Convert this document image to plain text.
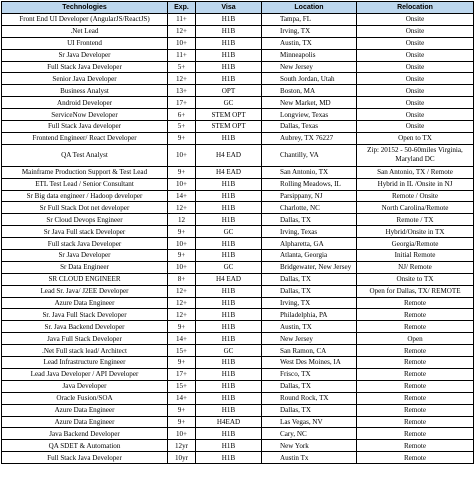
Technologies	Exp.	Visa	Location	Relocation
Front End UI Developer (AngularJS/ReactJS)	11+	H1B	Tampa, FL	Onsite
.Net Lead	12+	H1B	Irving, TX	Onsite
UI Frontend	10+	H1B	Austin, TX	Onsite
Sr Java Developer	11+	H1B	Minneapolis	Onsite
Full Stack Java Developer	5+	H1B	New Jersey	Onsite
Senior Java Developer	12+	H1B	South Jordan, Utah	Onsite
Business Analyst	13+	OPT	Boston, MA	Onsite
Android Developer	17+	GC	New Market, MD	Onsite
ServiceNow Developer	6+	STEM OPT	Longview, Texas	Onsite
Full Stack Java developer	5+	STEM OPT	Dallas, Texas	Onsite
Frontend Engineer/ React Developer	9+	H1B	Aubrey, TX 76227	Open to TX
QA Test Analyst	10+	H4 EAD	Chantilly, VA	Zip: 20152 - 50-60miles Virginia, Maryland DC
Mainframe Production Support & Test Lead	9+	H4 EAD	San Antonio, TX	San Antonio, TX / Remote
ETL Test Lead / Senior Consultant	10+	H1B	Rolling Meadows, IL	Hybrid in IL /Onsite in NJ
Sr Big data engineer / Hadoop developer	14+	H1B	Parsippany, NJ	Remote / Onsite
Sr Full Stack Dot net developer	12+	H1B	Charlotte, NC	North Carolina/Remote
Sr Cloud Devops Engineer	12	H1B	Dallas, TX	Remote / TX
Sr Java Full stack Developer	9+	GC	Irving, Texas	Hybrid/Onsite in TX
Full stack Java Developer	10+	H1B	Alpharetta, GA	Georgia/Remote
Sr Java Developer	9+	H1B	Atlanta, Georgia	Initial Remote
Sr Data Engineer	10+	GC	Bridgewater, New Jersey	NJ/ Remote
SR CLOUD ENGINEER	8+	H4 EAD	Dallas, TX	Onsite to TX
Lead Sr. Java/ J2EE Developer	12+	H1B	Dallas, TX	Open for Dallas, TX/ REMOTE
Azure Data Engineer	12+	H1B	Irving, TX	Remote
Sr. Java Full Stack Developer	12+	H1B	Philadelphia, PA	Remote
Sr. Java Backend Developer	9+	H1B	Austin, TX	Remote
Java Full Stack Developer	14+	H1B	New Jersey	Open
.Net Full stack lead/ Architect	15+	GC	San Ramon, CA	Remote
Lead Infrastructure Engineer	9+	H1B	West Des Moines, IA	Remote
Lead Java Developer / API Developer	17+	H1B	Frisco, TX	Remote
Java Developer	15+	H1B	Dallas, TX	Remote
Oracle Fusion/SOA	14+	H1B	Round Rock, TX	Remote
Azure Data Engineer	9+	H1B	Dallas, TX	Remote
Azure Data Engineer	9+	H4EAD	Las Vegas, NV	Remote
Java Backend Developer	10+	H1B	Cary, NC	Remote
QA SDET & Automation	12yr	H1B	New York	Remote
Full Stack Java Developer	10yr	H1B	Austin Tx	Remote
